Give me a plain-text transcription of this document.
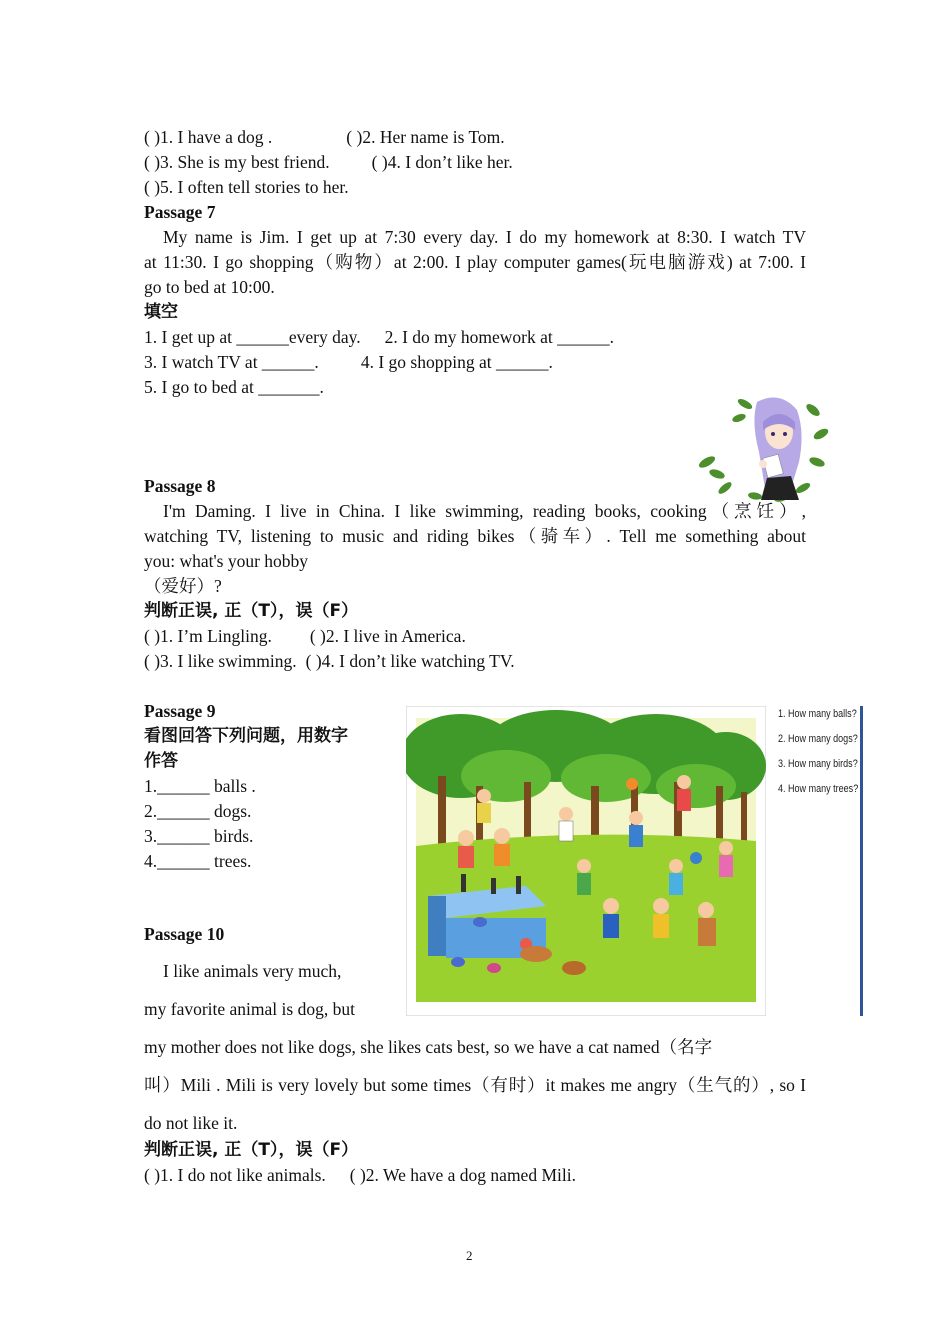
( )1. I have a dog .	( )2. Her name is Tom.
( )3. She is my best friend. ( )4. I don’t like her.
( )5. I often tell stories to her.
Passage 7
My name is Jim. I get up at 7:30 every day. I do my homework at 8:30. I watch TV
at 11:30. I go shopping（购物）at 2:00. I play computer games(玩电脑游戏) at 7:00. I
go to bed at 10:00.
填空
1. I get up at ______every day. 2. I do my homework at ______.
3. I watch TV at ______. 4. I go shopping at ______.
5. I go to bed at _______.
Passage 8
I'm Daming. I live in China. I like swimming, reading books, cooking（烹饪）,
watching TV, listening to music and riding bikes（骑车）. Tell me something about
you: what's your hobby
（爱好）?
判断正误, 正（T），误（F）
( )1. I’m Lingling. ( )2. I live in America.
( )3. I like swimming. ( )4. I don’t like watching TV.
Passage 9
看图回答下列问题，用数字
作答
1.______ balls .
2.______ dogs.
3.______ birds.
4.______ trees.
1. How many balls?
2. How many dogs?
3. How many birds?
4. How many trees?
Passage 10
I like animals very much,
my favorite animal is dog, but
my mother does not like dogs, she likes cats best, so we have a cat named（名字
叫）Mili . Mili is very lovely but some times（有时）it makes me angry（生气的）, so I
do not like it.
判断正误, 正（T），误（F）
( )1. I do not like animals. ( )2. We have a dog named Mili.
2
